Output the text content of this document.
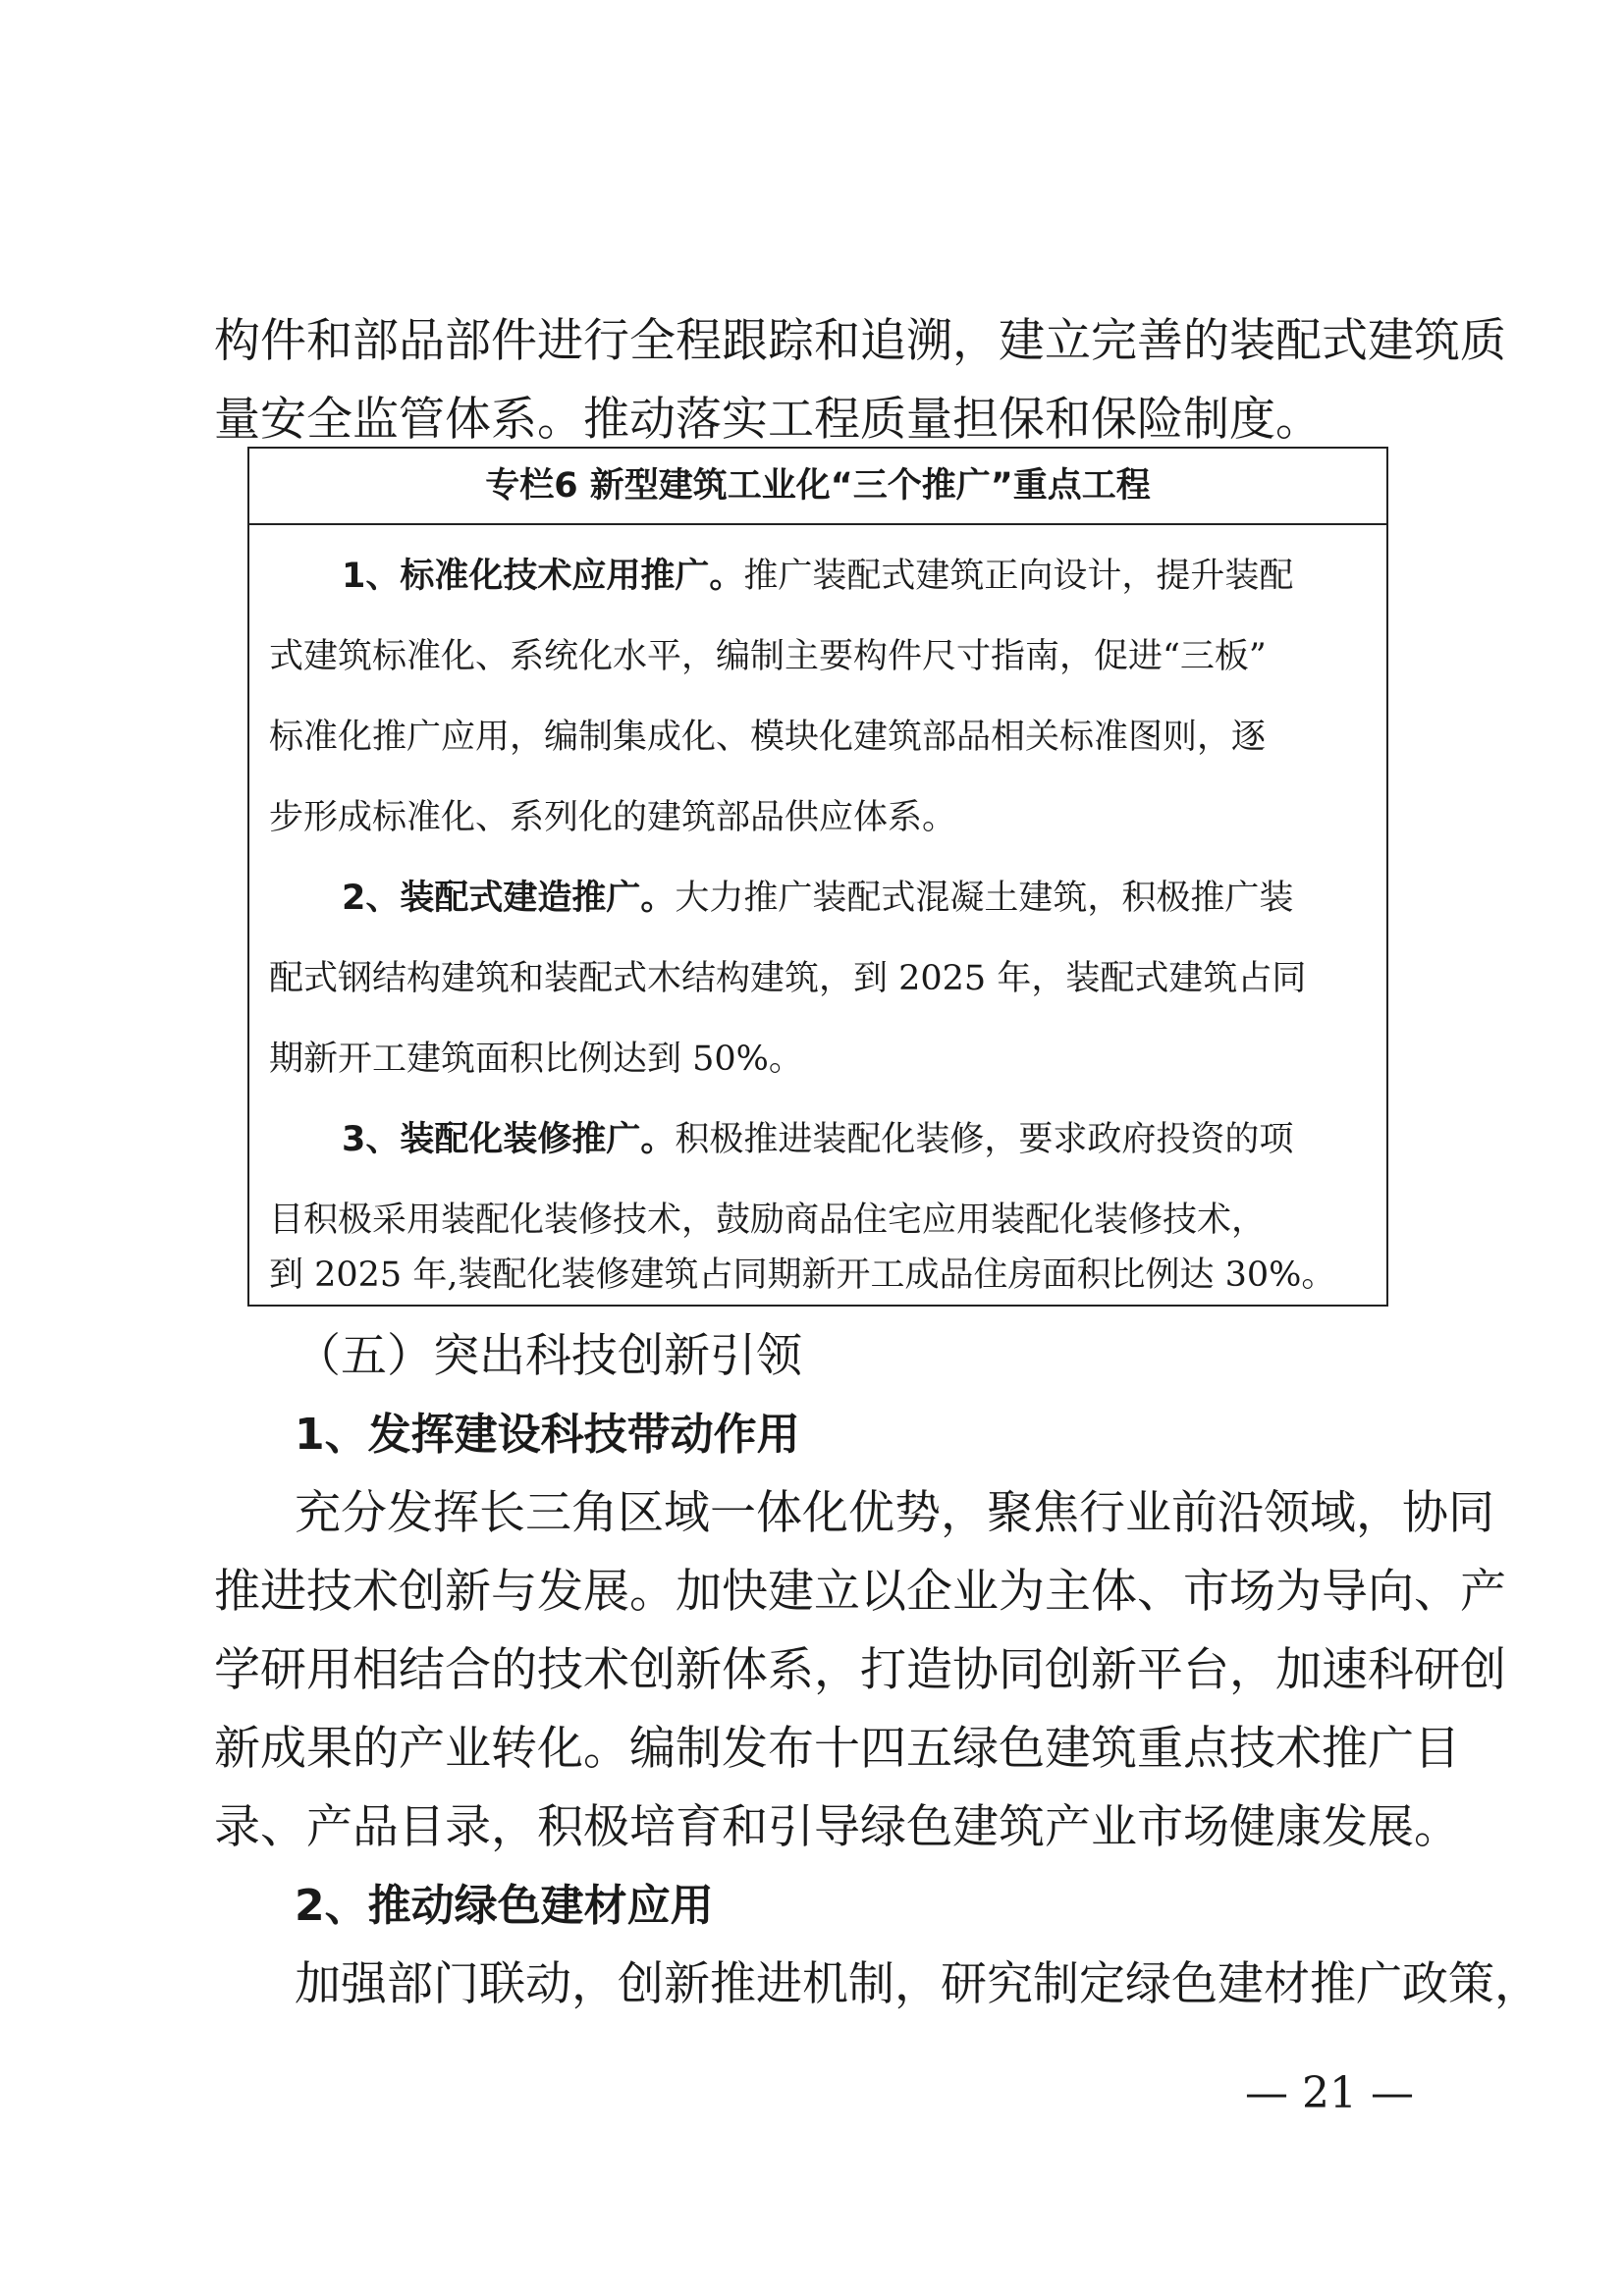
构件和部品部件进行全程跟踪和追溯，建立完善的装配式建筑质
量安全监管体系。推动落实工程质量担保和保险制度。
专栏6 新型建筑工业化“三个推广”重点工程
1、标准化技术应用推广。推广装配式建筑正向设计，提升装配
式建筑标准化、系统化水平，编制主要构件尺寸指南，促进“三板”
标准化推广应用，编制集成化、模块化建筑部品相关标准图则，逐
步形成标准化、系列化的建筑部品供应体系。
2、装配式建造推广。大力推广装配式混凝土建筑，积极推广装
配式钢结构建筑和装配式木结构建筑，到 2025 年，装配式建筑占同
期新开工建筑面积比例达到 50%。
3、装配化装修推广。积极推进装配化装修，要求政府投资的项
目积极采用装配化装修技术，鼓励商品住宅应用装配化装修技术，
到 2025 年,装配化装修建筑占同期新开工成品住房面积比例达 30%。
（五）突出科技创新引领
1、发挥建设科技带动作用
充分发挥长三角区域一体化优势，聚焦行业前沿领域，协同
推进技术创新与发展。加快建立以企业为主体、市场为导向、产
学研用相结合的技术创新体系，打造协同创新平台，加速科研创
新成果的产业转化。编制发布十四五绿色建筑重点技术推广目
录、产品目录，积极培育和引导绿色建筑产业市场健康发展。
2、推动绿色建材应用
加强部门联动，创新推进机制，研究制定绿色建材推广政策，
— 21 —
